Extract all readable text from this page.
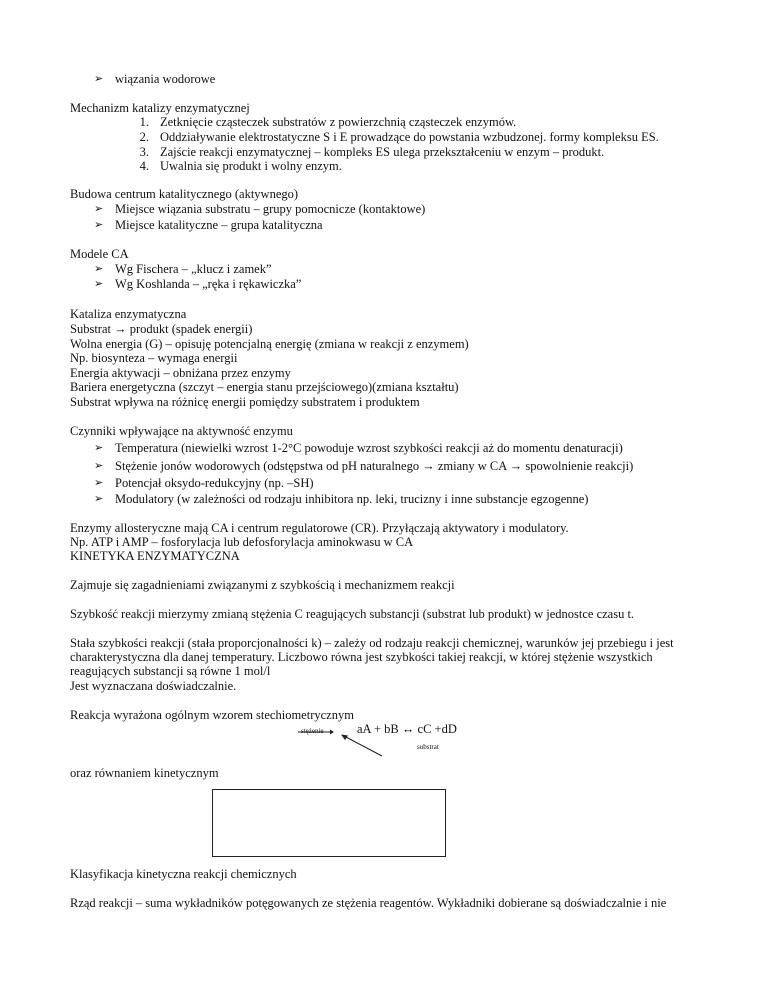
➢ wiązania wodorowe
Mechanizm katalizy enzymatycznej
1. Zetknięcie cząsteczek substratów z powierzchnią cząsteczek enzymów.
2. Oddziaływanie elektrostatyczne S i E prowadzące do powstania wzbudzonej. formy kompleksu ES.
3. Zajście reakcji enzymatycznej – kompleks ES ulega przekształceniu w enzym – produkt.
4. Uwalnia się produkt i wolny enzym.
Budowa centrum katalitycznego (aktywnego)
➢ Miejsce wiązania substratu – grupy pomocnicze (kontaktowe)
➢ Miejsce katalityczne – grupa katalityczna
Modele CA
➢ Wg Fischera – „klucz i zamek”
➢ Wg Koshlanda – „ręka i rękawiczka”
Kataliza enzymatyczna
Substrat → produkt (spadek energii)
Wolna energia (G) – opisuję potencjalną energię (zmiana w reakcji z enzymem)
Np. biosynteza – wymaga energii
Energia aktywacji – obniżana przez enzymy
Bariera energetyczna (szczyt – energia stanu przejściowego)(zmiana kształtu)
Substrat wpływa na różnicę energii pomiędzy substratem i produktem
Czynniki wpływające na aktywność enzymu
➢ Temperatura (niewielki wzrost 1-2°C powoduje wzrost szybkości reakcji aż do momentu denaturacji)
➢ Stężenie jonów wodorowych (odstępstwa od pH naturalnego → zmiany w CA → spowolnienie reakcji)
➢ Potencjał oksydo-redukcyjny (np. –SH)
➢ Modulatory (w zależności od rodzaju inhibitora np. leki, trucizny i inne substancje egzogenne)
Enzymy allosteryczne mają CA i centrum regulatorowe (CR). Przyłączają aktywatory i modulatory.
Np. ATP i AMP – fosforylacja lub defosforylacja aminokwasu w CA
KINETYKA ENZYMATYCZNA
Zajmuje się zagadnieniami związanymi z szybkością i mechanizmem reakcji
Szybkość reakcji mierzymy zmianą stężenia C reagujących substancji (substrat lub produkt) w jednostce czasu t.
Stała szybkości reakcji (stała proporcjonalności k) – zależy od rodzaju reakcji chemicznej, warunków jej przebiegu i jest
charakterystyczna dla danej temperatury. Liczbowo równa jest szybkości takiej reakcji, w której stężenie wszystkich
reagujących substancji są równe 1 mol/l
Jest wyznaczana doświadczalnie.
Reakcja wyrażona ogólnym wzorem stechiometrycznym
stężenie	aA + bB ↔ cC +dD
substrat
oraz równaniem kinetycznym
Klasyfikacja kinetyczna reakcji chemicznych
Rząd reakcji – suma wykładników potęgowanych ze stężenia reagentów. Wykładniki dobierane są doświadczalnie i nie
